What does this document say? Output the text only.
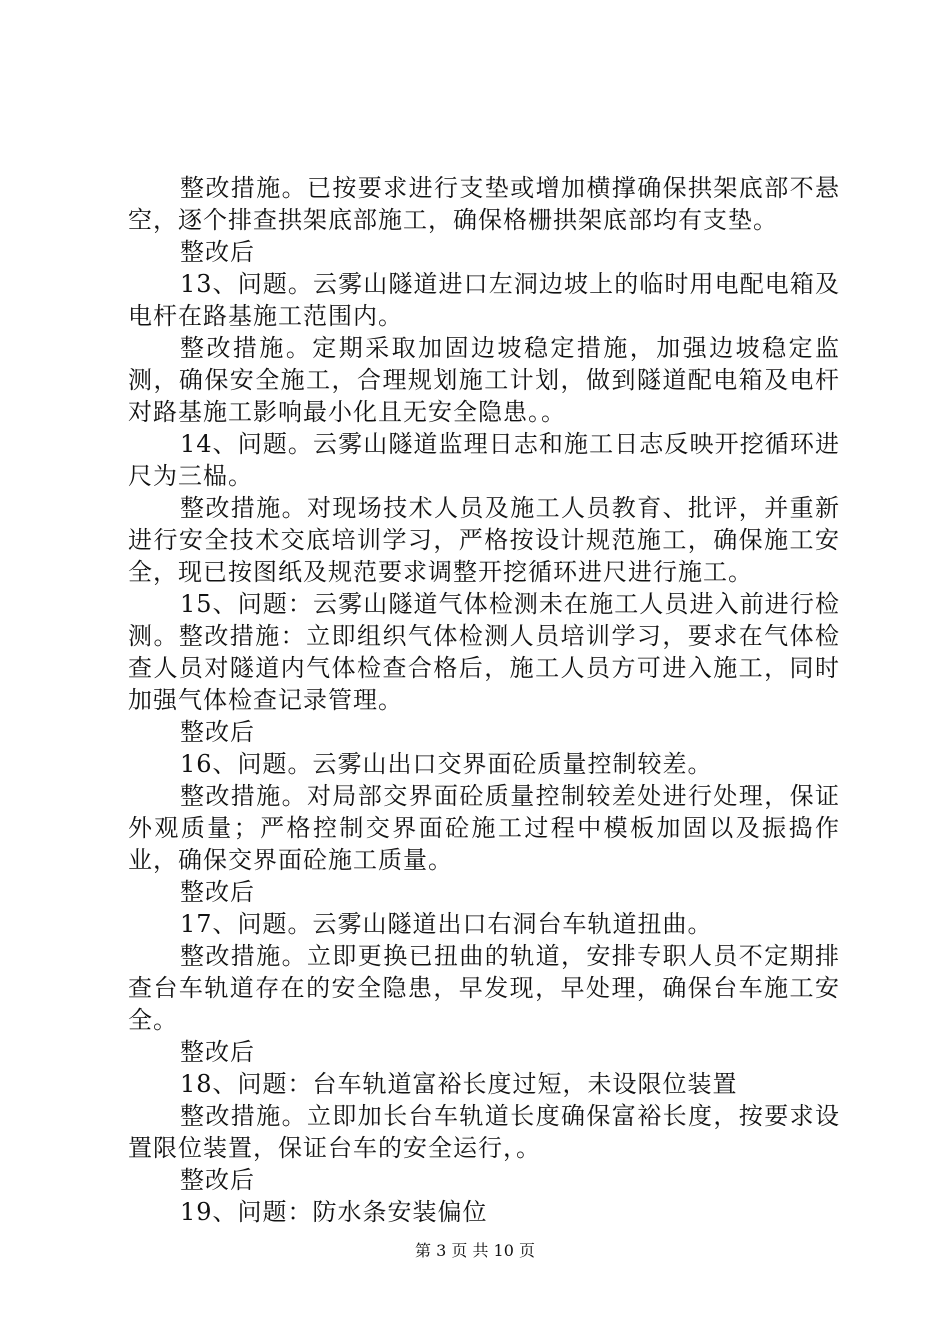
整改措施。已按要求进行支垫或增加横撑确保拱架底部不悬空，逐个排查拱架底部施工，确保格栅拱架底部均有支垫。

整改后

13、问题。云雾山隧道进口左洞边坡上的临时用电配电箱及电杆在路基施工范围内。

整改措施。定期采取加固边坡稳定措施，加强边坡稳定监测，确保安全施工，合理规划施工计划，做到隧道配电箱及电杆对路基施工影响最小化且无安全隐患。。

14、问题。云雾山隧道监理日志和施工日志反映开挖循环进尺为三榀。

整改措施。对现场技术人员及施工人员教育、批评，并重新进行安全技术交底培训学习，严格按设计规范施工，确保施工安全，现已按图纸及规范要求调整开挖循环进尺进行施工。

15、问题：云雾山隧道气体检测未在施工人员进入前进行检测。整改措施：立即组织气体检测人员培训学习，要求在气体检查人员对隧道内气体检查合格后，施工人员方可进入施工，同时加强气体检查记录管理。

整改后

16、问题。云雾山出口交界面砼质量控制较差。

整改措施。对局部交界面砼质量控制较差处进行处理，保证外观质量；严格控制交界面砼施工过程中模板加固以及振捣作业，确保交界面砼施工质量。

整改后

17、问题。云雾山隧道出口右洞台车轨道扭曲。

整改措施。立即更换已扭曲的轨道，安排专职人员不定期排查台车轨道存在的安全隐患，早发现，早处理，确保台车施工安全。

整改后

18、问题：台车轨道富裕长度过短，未设限位装置

整改措施。立即加长台车轨道长度确保富裕长度，按要求设置限位装置，保证台车的安全运行，。

整改后

19、问题：防水条安装偏位

第 3 页 共 10 页
